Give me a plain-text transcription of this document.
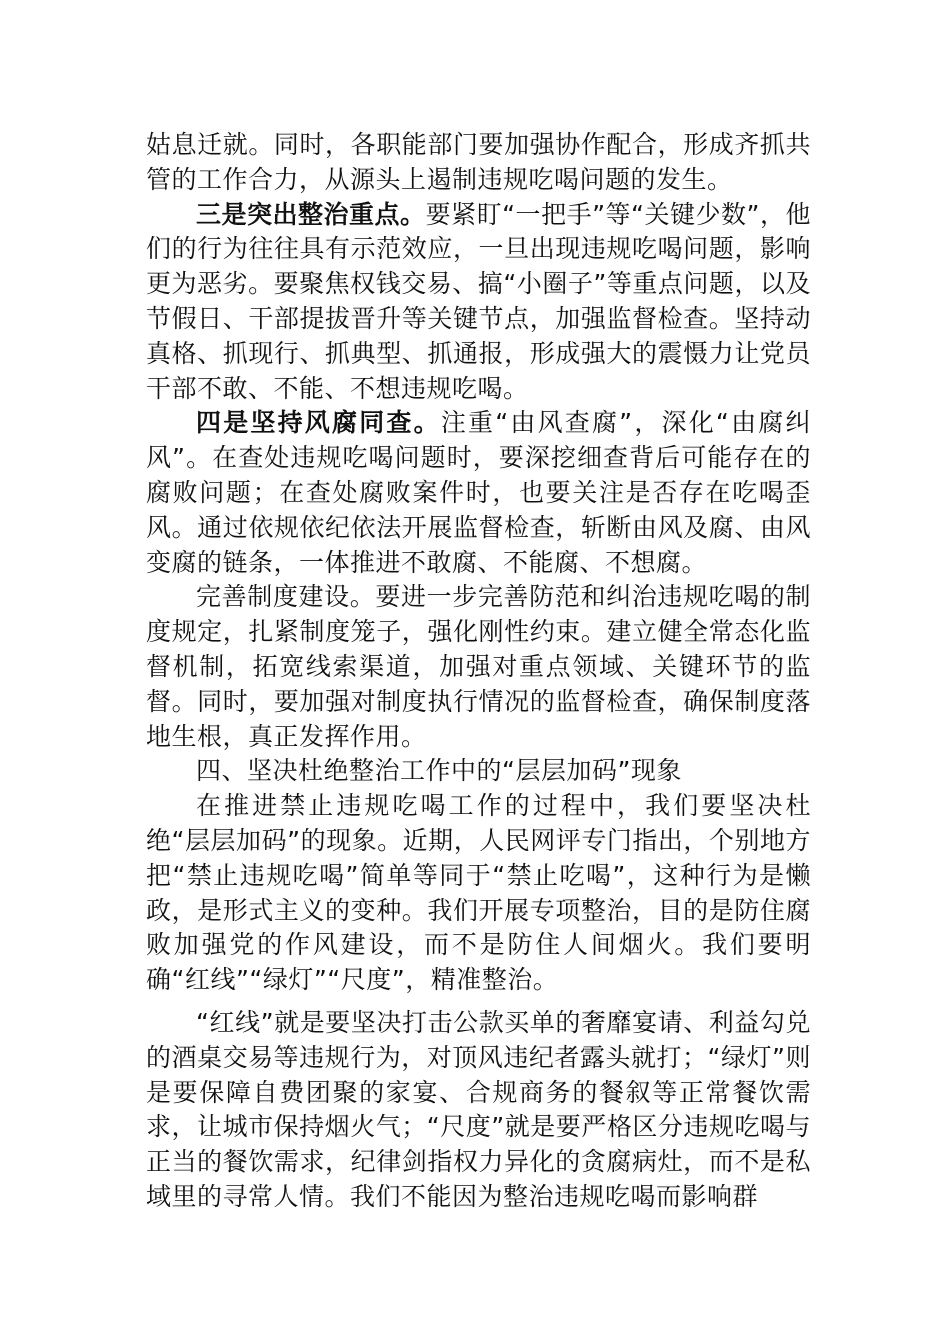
姑息迁就。同时，各职能部门要加强协作配合，形成齐抓共管的工作合力，从源头上遏制违规吃喝问题的发生。

三是突出整治重点。要紧盯“一把手”等“关键少数”，他们的行为往往具有示范效应，一旦出现违规吃喝问题，影响更为恶劣。要聚焦权钱交易、搞“小圈子”等重点问题，以及节假日、干部提拔晋升等关键节点，加强监督检查。坚持动真格、抓现行、抓典型、抓通报，形成强大的震慑力让党员干部不敢、不能、不想违规吃喝。

四是坚持风腐同查。注重“由风查腐”，深化“由腐纠风”。在查处违规吃喝问题时，要深挖细查背后可能存在的腐败问题；在查处腐败案件时，也要关注是否存在吃喝歪风。通过依规依纪依法开展监督检查，斩断由风及腐、由风变腐的链条，一体推进不敢腐、不能腐、不想腐。

完善制度建设。要进一步完善防范和纠治违规吃喝的制度规定，扎紧制度笼子，强化刚性约束。建立健全常态化监督机制，拓宽线索渠道，加强对重点领域、关键环节的监督。同时，要加强对制度执行情况的监督检查，确保制度落地生根，真正发挥作用。

四、坚决杜绝整治工作中的“层层加码”现象

在推进禁止违规吃喝工作的过程中，我们要坚决杜绝“层层加码”的现象。近期，人民网评专门指出，个别地方把“禁止违规吃喝”简单等同于“禁止吃喝”，这种行为是懒政，是形式主义的变种。我们开展专项整治，目的是防住腐败加强党的作风建设，而不是防住人间烟火。我们要明确“红线”“绿灯”“尺度”，精准整治。

“红线”就是要坚决打击公款买单的奢靡宴请、利益勾兑的酒桌交易等违规行为，对顶风违纪者露头就打；“绿灯”则是要保障自费团聚的家宴、合规商务的餐叙等正常餐饮需求，让城市保持烟火气；“尺度”就是要严格区分违规吃喝与正当的餐饮需求，纪律剑指权力异化的贪腐病灶，而不是私域里的寻常人情。我们不能因为整治违规吃喝而影响群
